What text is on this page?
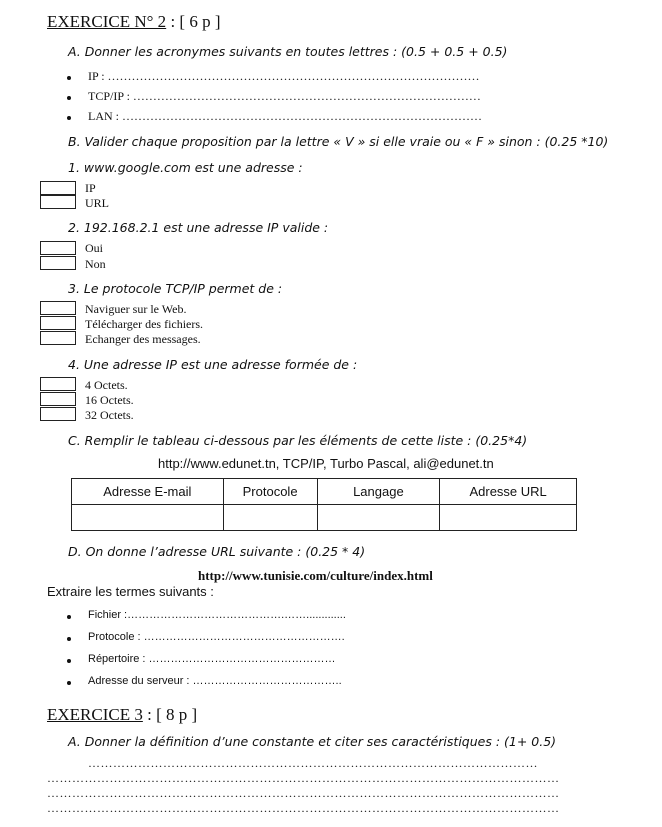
EXERCICE N° 2 : [ 6 p ]
A. Donner les acronymes suivants en toutes lettres : (0.5 + 0.5 + 0.5)
IP : …………………………………………………………………………………
TCP/IP : ……………………………………………………………………………
LAN : ………………………………………………………………………………
B. Valider chaque proposition par la lettre « V » si elle vraie ou « F » sinon : (0.25 *10)
1. www.google.com est une adresse :
IP
URL
2. 192.168.2.1 est une adresse IP valide :
Oui
Non
3. Le protocole TCP/IP permet de :
Naviguer sur le Web.
Télécharger des fichiers.
Echanger des messages.
4. Une adresse IP est une adresse formée de :
4 Octets.
16 Octets.
32 Octets.
C. Remplir le tableau ci-dessous par les éléments de cette liste : (0.25*4)
http://www.edunet.tn, TCP/IP, Turbo Pascal, ali@edunet.tn
Adresse E-mail	Protocole	Langage	Adresse URL

D. On donne l’adresse URL suivante : (0.25 * 4)
http://www.tunisie.com/culture/index.html
Extraire les termes suivants :
Fichier :…………………………………….…….............
Protocole : ……………………………………………….
Répertoire : ……………………………………………
Adresse du serveur : …………………………………..
EXERCICE 3 : [ 8 p ]
A. Donner la définition d’une constante et citer ses caractéristiques : (1+ 0.5)
………………………………………………………………………………………………
……………………………………………………………………………………………………………
……………………………………………………………………………………………………………
……………………………………………………………………………………………………………
